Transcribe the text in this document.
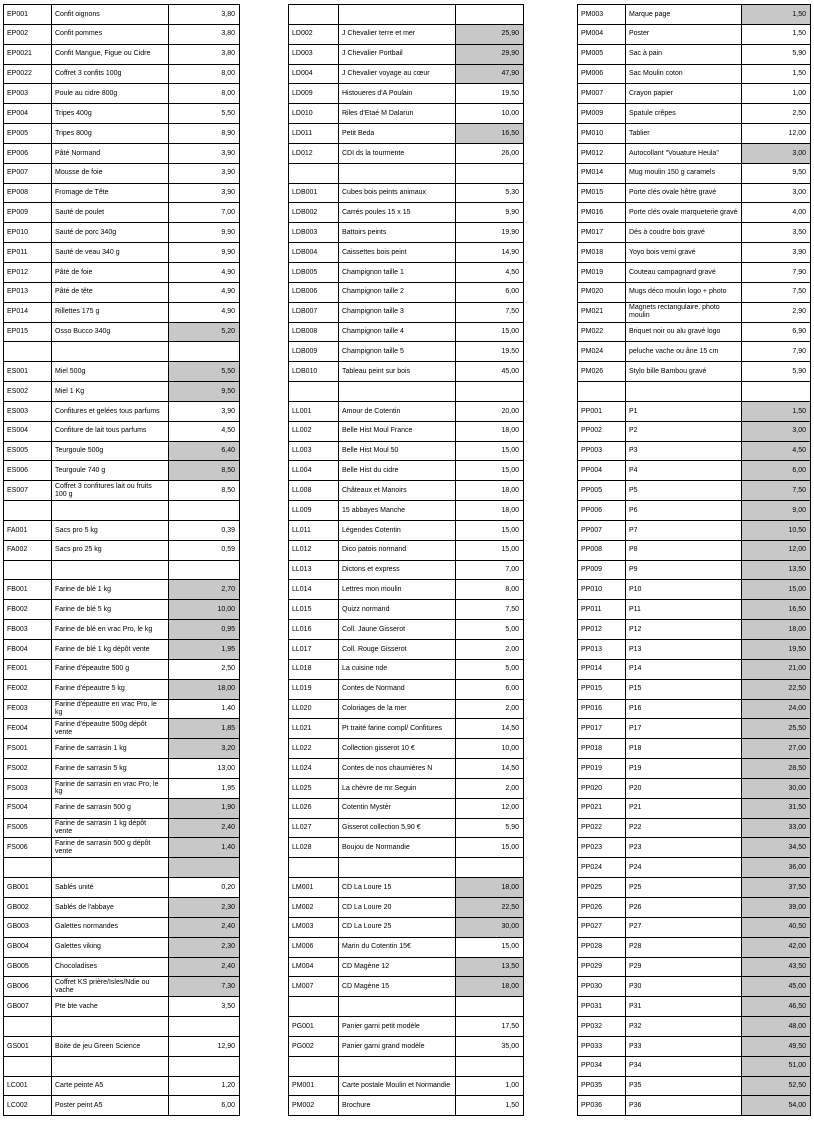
EP001	Confit oignons	3,80
EP002	Confit pommes	3,80
EP0021	Confit Mangue, Figue ou Cidre	3,80
EP0022	Coffret 3 confits 100g	8,00
EP003	Poule au cidre 800g	8,00
EP004	Tripes 400g	5,50
EP005	Tripes 800g	8,90
EP006	Pâté Normand	3,90
EP007	Mousse de foie	3,90
EP008	Fromage de Tête	3,90
EP009	Sauté de poulet	7,00
EP010	Sauté de porc 340g	9,90
EP011	Sauté de veau 340 g	9,90
EP012	Pâté de foie	4,90
EP013	Pâté de tête	4,90
EP014	Rillettes 175 g	4,90
EP015	Osso Bucco 340g	5,20

ES001	Miel 500g	5,50
ES002	Miel 1 Kg	9,50
ES003	Confitures et gelées tous parfums	3,90
ES004	Confiture de lait tous parfums	4,50
ES005	Teurgoule 500g	6,40
ES006	Teurgoule 740 g	8,50
ES007	Coffret 3 confitures lait ou fruits 100 g	8,50

FA001	Sacs pro 5 kg	0,39
FA002	Sacs pro 25 kg	0,59

FB001	Farine de blé 1 kg	2,70
FB002	Farine de blé 5 kg	10,00
FB003	Farine de blé en vrac Pro, le kg	0,95
FB004	Farine de blé 1 kg dépôt vente	1,95
FE001	Farine d'épeautre 500 g	2,50
FE002	Farine d'épeautre 5 kg	18,00
FE003	Farine d'épeautre en vrac Pro, le kg	1,40
FE004	Farine d'épeautre 500g dépôt vente	1,85
FS001	Farine de sarrasin 1 kg	3,20
FS002	Farine de sarrasin 5 kg	13,00
FS003	Farine de sarrasin en vrac Pro, le kg	1,95
FS004	Farine de sarrasin 500 g	1,90
FS005	Farine de sarrasin 1 kg dépôt vente	2,40
FS006	Farine de sarrasin 500 g dépôt vente	1,40

GB001	Sablés unité	0,20
GB002	Sablés de l'abbaye	2,30
GB003	Galettes normandes	2,40
GB004	Galettes viking	2,30
GB005	Chocoladises	2,40
GB006	Coffret KS prière/Isles/Ndie ou vache	7,30
GB007	Pte bte vache	3,50

GS001	Boite de jeu Green Science	12,90

LC001	Carte peinte A5	1,20
LC002	Poster peint A5	6,00

LD002	J Chevalier terre et mer	25,90
LD003	J Chevalier Portbail	29,90
LD004	J Chevalier voyage au cœur	47,90
LD009	Histoueres d'A Poulain	19,50
LD010	Riles d'Etaé M Dalarun	10,00
LD011	Petit Beda	16,50
LD012	CDI ds la tourmente	26,00

LDB001	Cubes bois peints animaux	5,30
LDB002	Carrés poules 15 x 15	9,90
LDB003	Battoirs peints	19,90
LDB004	Caissettes bois peint	14,90
LDB005	Champignon taille 1	4,50
LDB006	Champignon taille 2	6,00
LDB007	Champignon taille 3	7,50
LDB008	Champignon taille 4	15,00
LDB009	Champignon taille 5	19,50
LDB010	Tableau peint sur bois	45,00

LL001	Amour de Cotentin	20,00
LL002	Belle Hist Moul France	18,00
LL003	Belle Hist Moul 50	15,00
LL004	Belle Hist du cidre	15,00
LL008	Châteaux et Manoirs	18,00
LL009	15 abbayes Manche	18,00
LL011	Légendes Cotentin	15,00
LL012	Dico patois normand	15,00
LL013	Dictons et express	7,00
LL014	Lettres mon moulin	8,00
LL015	Quizz normand	7,50
LL016	Coll. Jaune Gisserot	5,00
LL017	Coll. Rouge Gisserot	2,00
LL018	La cuisine nde	5,00
LL019	Contes de Normand	6,00
LL020	Coloriages de la mer	2,00
LL021	Pt traité farine compl/ Confitures	14,50
LL022	Collection gisserot 10 €	10,00
LL024	Contes de nos chaumières N	14,50
LL025	La chèvre de mr Seguin	2,00
LL026	Cotentin Mystèr	12,00
LL027	Gisserot collection 5,90 €	5,90
LL028	Boujou de Normandie	15,00

LM001	CD La Loure 15	18,00
LM002	CD La Loure 20	22,50
LM003	CD La Loure 25	30,00
LM006	Marin du Cotentin 15€	15,00
LM004	CD Magène 12	13,50
LM007	CD Magène 15	18,00

PG001	Panier garni petit modèle	17,50
PG002	Panier garni grand modèle	35,00

PM001	Carte postale Moulin et Normandie	1,00
PM002	Brochure	1,50
PM003	Marque page	1,50
PM004	Poster	1,50
PM005	Sac à pain	5,90
PM006	Sac Moulin coton	1,50
PM007	Crayon papier	1,00
PM009	Spatule crêpes	2,50
PM010	Tablier	12,00
PM012	Autocollant "Vouature Heula"	3,00
PM014	Mug moulin 150 g caramels	9,50
PM015	Porte clés ovale hêtre gravé	3,00
PM016	Porte clés ovale marqueterie gravé	4,00
PM017	Dés à coudre bois gravé	3,50
PM018	Yoyo bois verni gravé	3,90
PM019	Couteau campagnard gravé	7,90
PM020	Mugs déco moulin logo + photo	7,50
PM021	Magnets rectangulaire. photo moulin	2,90
PM022	Briquet noir ou alu gravé logo	6,90
PM024	peluche vache ou âne 15 cm	7,90
PM026	Stylo bille Bambou gravé	5,90

PP001	P1	1,50
PP002	P2	3,00
PP003	P3	4,50
PP004	P4	6,00
PP005	P5	7,50
PP006	P6	9,00
PP007	P7	10,50
PP008	P8	12,00
PP009	P9	13,50
PP010	P10	15,00
PP011	P11	16,50
PP012	P12	18,00
PP013	P13	19,50
PP014	P14	21,00
PP015	P15	22,50
PP016	P16	24,00
PP017	P17	25,50
PP018	P18	27,00
PP019	P19	28,50
PP020	P20	30,00
PP021	P21	31,50
PP022	P22	33,00
PP023	P23	34,50
PP024	P24	36,00
PP025	P25	37,50
PP026	P26	39,00
PP027	P27	40,50
PP028	P28	42,00
PP029	P29	43,50
PP030	P30	45,00
PP031	P31	46,50
PP032	P32	48,00
PP033	P33	49,50
PP034	P34	51,00
PP035	P35	52,50
PP036	P36	54,00
